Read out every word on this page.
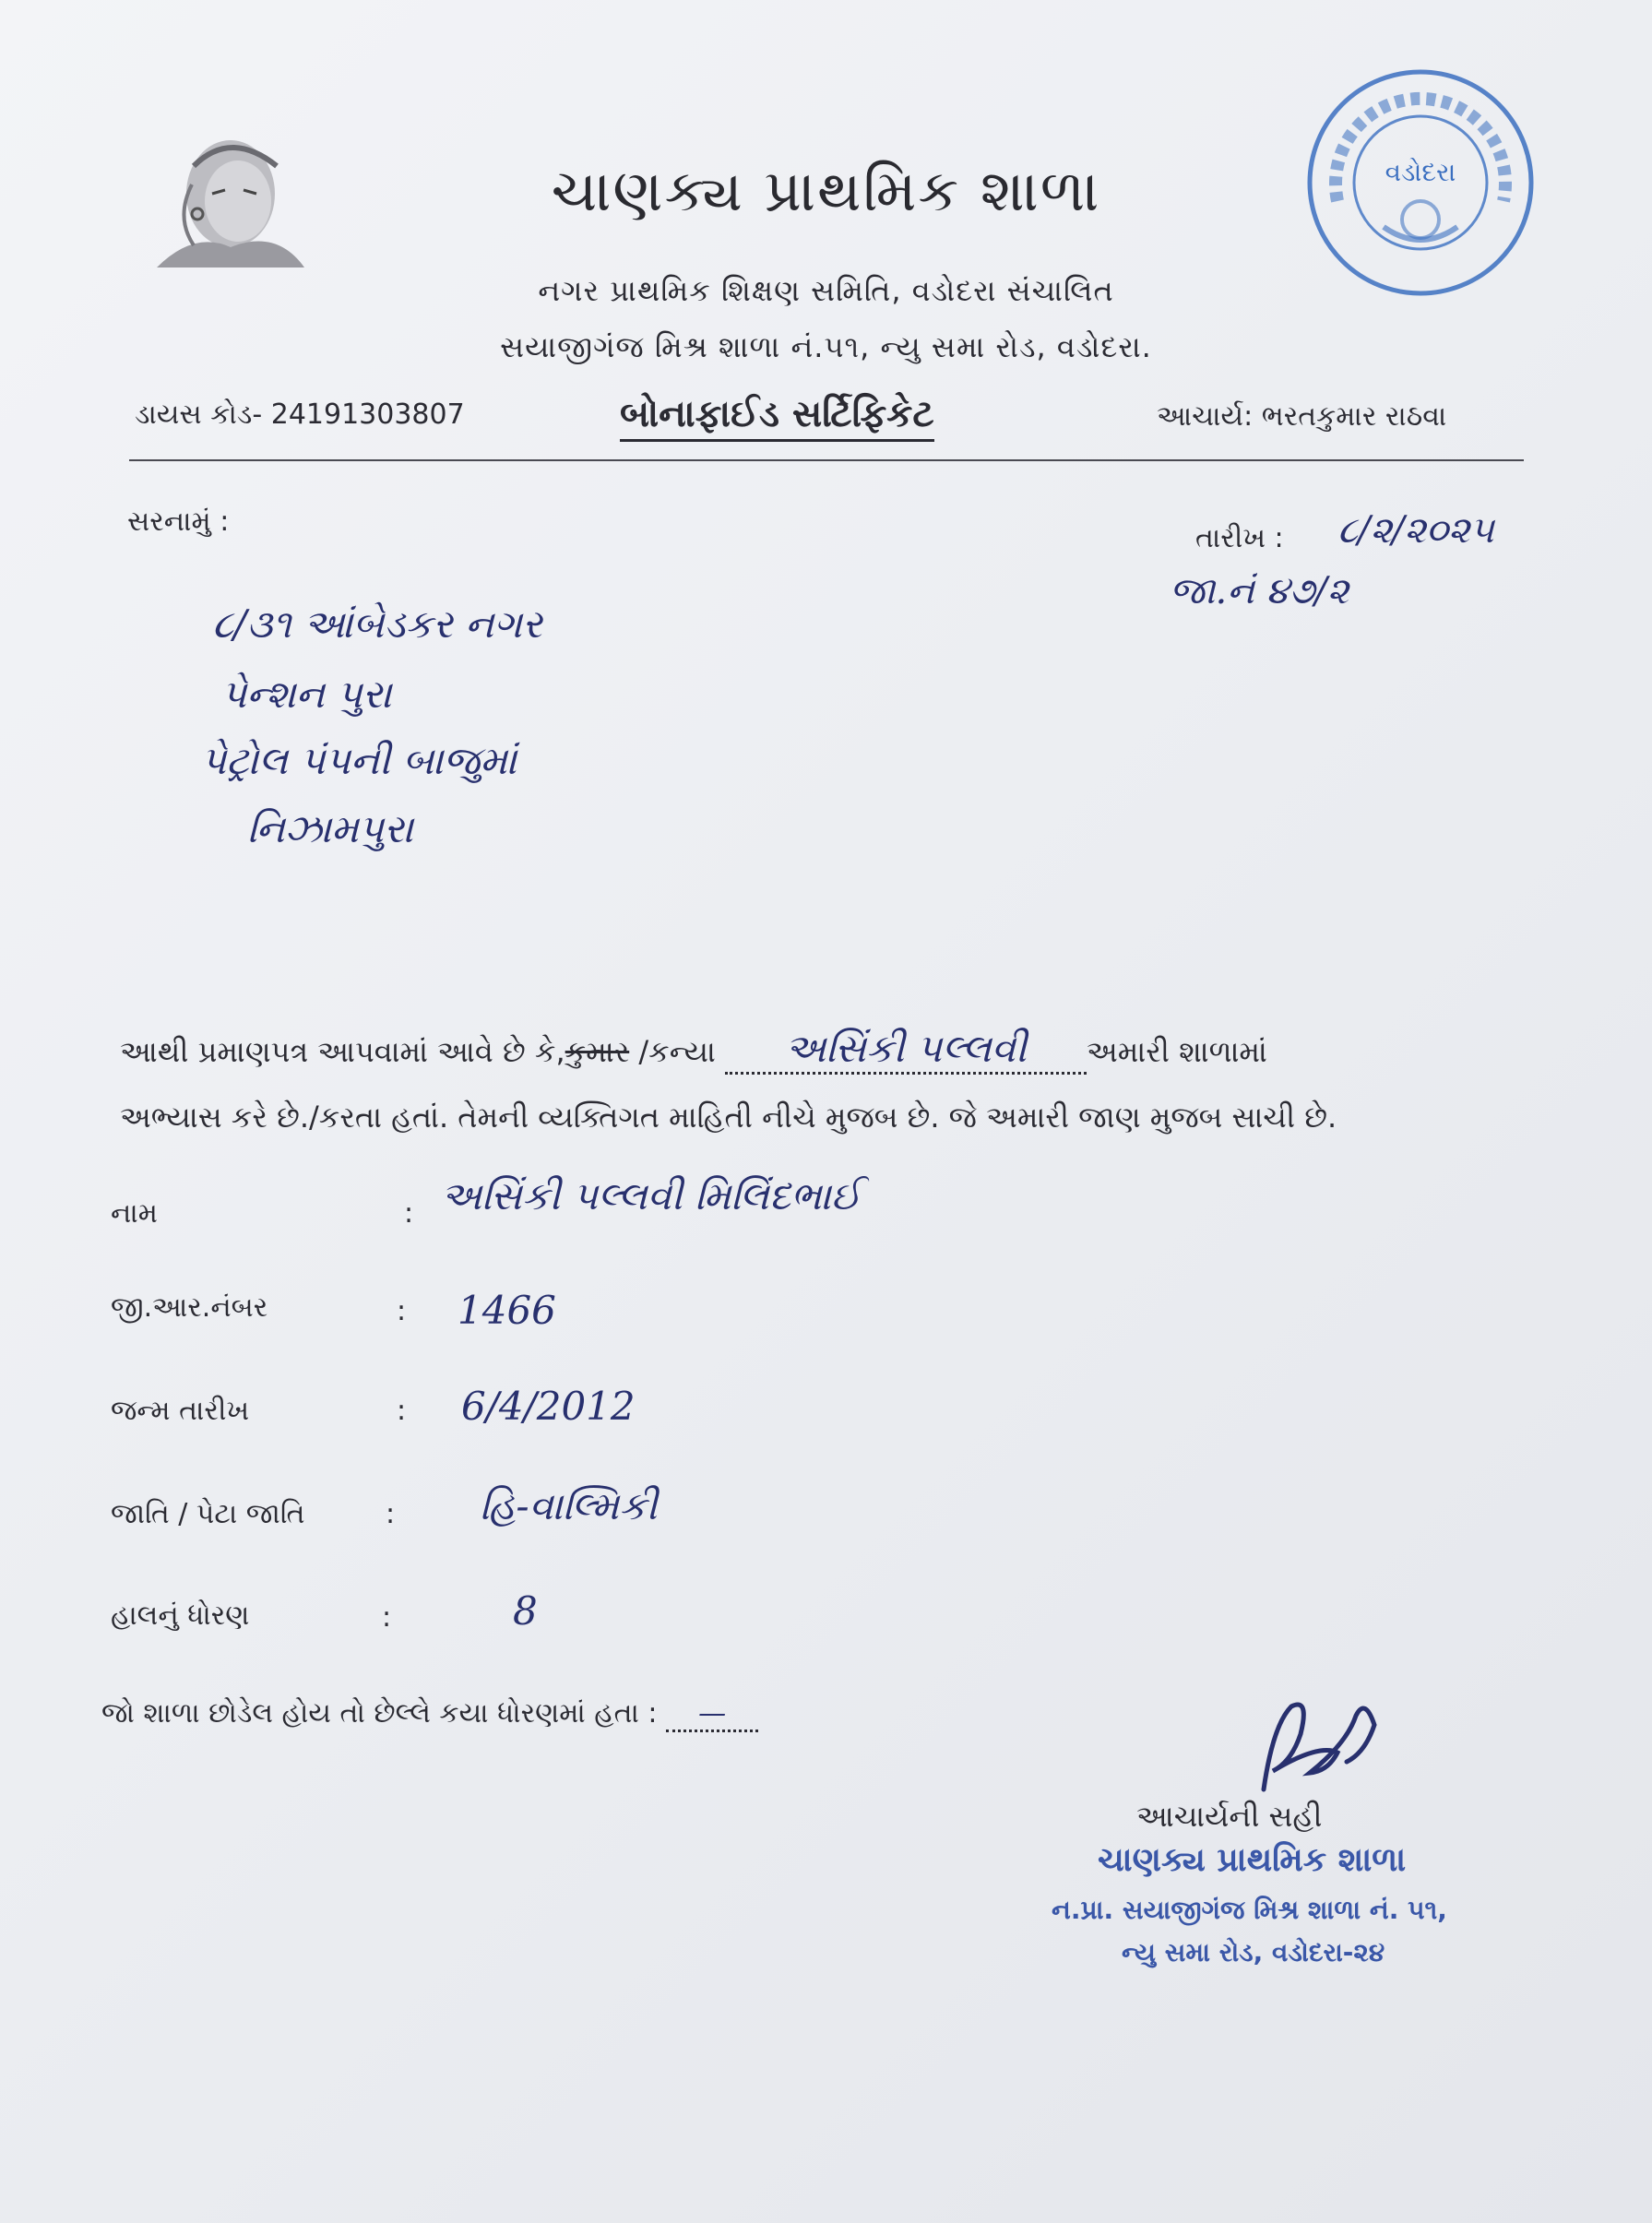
ચાણક્ય પ્રાથમિક શાળા
નગર પ્રાથમિક શિક્ષણ સમિતિ, વડોદરા સંચાલિત
સયાજીગંજ મિશ્ર શાળા નં.૫૧, ન્યુ સમા રોડ, વડોદરા.
વડોદરા
ડાયસ કોડ- 24191303807	બોનાફાઈડ સર્ટિફિકેટ	આચાર્ય: ભરતકુમાર રાઠવા
સરનામું :
તારીખ : ૮/૨/૨૦૨૫
જા.નં ૪૭/૨
૮/૩૧ આંબેડકર નગર
પેન્શન પુરા
પેટ્રોલ પંપની બાજુમાં
નિઝામપુરા
આથી પ્રમાણપત્ર આપવામાં આવે છે કે,કુમાર /કન્યા અસિંકી પલ્લવી અમારી શાળામાં
અભ્યાસ કરે છે./કરતા હતાં. તેમની વ્યક્તિગત માહિતી નીચે મુજબ છે. જે અમારી જાણ મુજબ સાચી છે.
નામ	: અસિંકી પલ્લવી મિલિંદભાઈ
જી.આર.નંબર	: 1466
જન્મ તારીખ	: 6/4/2012
જાતિ / પેટા જાતિ	: હિ-વાલ્મિકી
હાલનું ધોરણ	:	8
જો શાળા છોડેલ હોય તો છેલ્લે કયા ધોરણમાં હતા : —
આચાર્યની સહી
ચાણક્ય પ્રાથમિક શાળા
ન.પ્રા. સયાજીગંજ મિશ્ર શાળા નં. ૫૧,
ન્યુ સમા રોડ, વડોદરા-૨૪
